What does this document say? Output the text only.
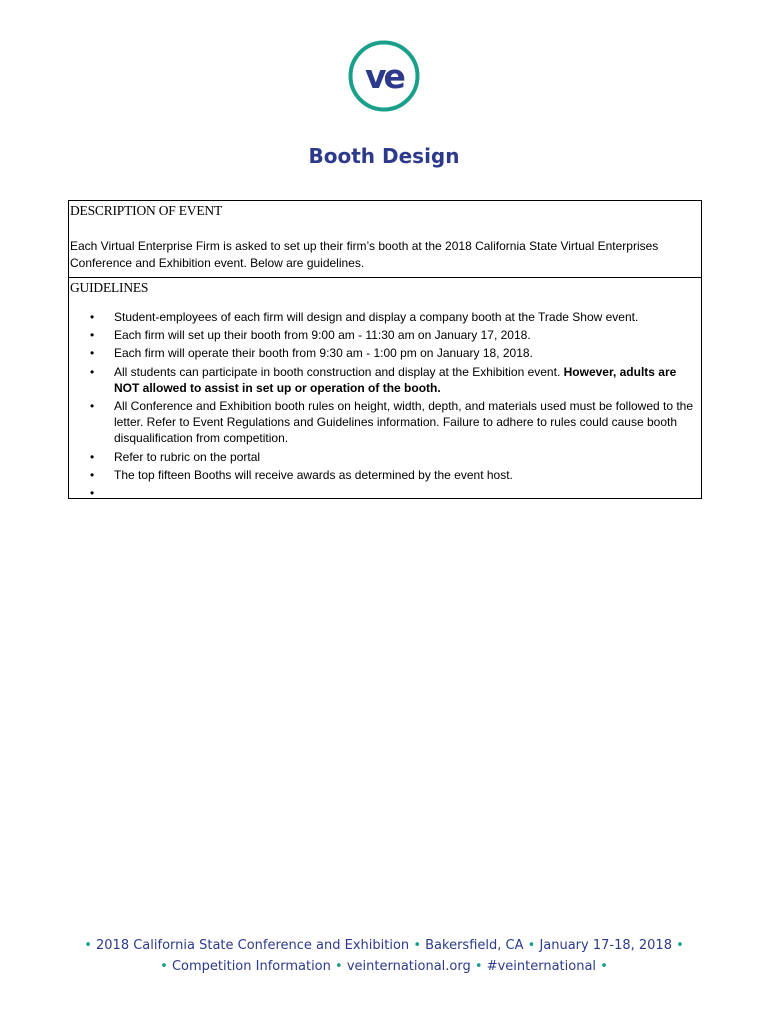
ve
Booth Design
DESCRIPTION OF EVENT
Each Virtual Enterprise Firm is asked to set up their firm’s booth at the 2018 California State Virtual Enterprises Conference and Exhibition event. Below are guidelines.
GUIDELINES
• Student-employees of each firm will design and display a company booth at the Trade Show event.
• Each firm will set up their booth from 9:00 am - 11:30 am on January 17, 2018.
• Each firm will operate their booth from 9:30 am - 1:00 pm on January 18, 2018.
• All students can participate in booth construction and display at the Exhibition event. However, adults are NOT allowed to assist in set up or operation of the booth.
• All Conference and Exhibition booth rules on height, width, depth, and materials used must be followed to the letter. Refer to Event Regulations and Guidelines information. Failure to adhere to rules could cause booth disqualification from competition.
• Refer to rubric on the portal
• The top fifteen Booths will receive awards as determined by the event host.
•
• 2018 California State Conference and Exhibition • Bakersfield, CA • January 17-18, 2018 •
• Competition Information • veinternational.org • #veinternational •
